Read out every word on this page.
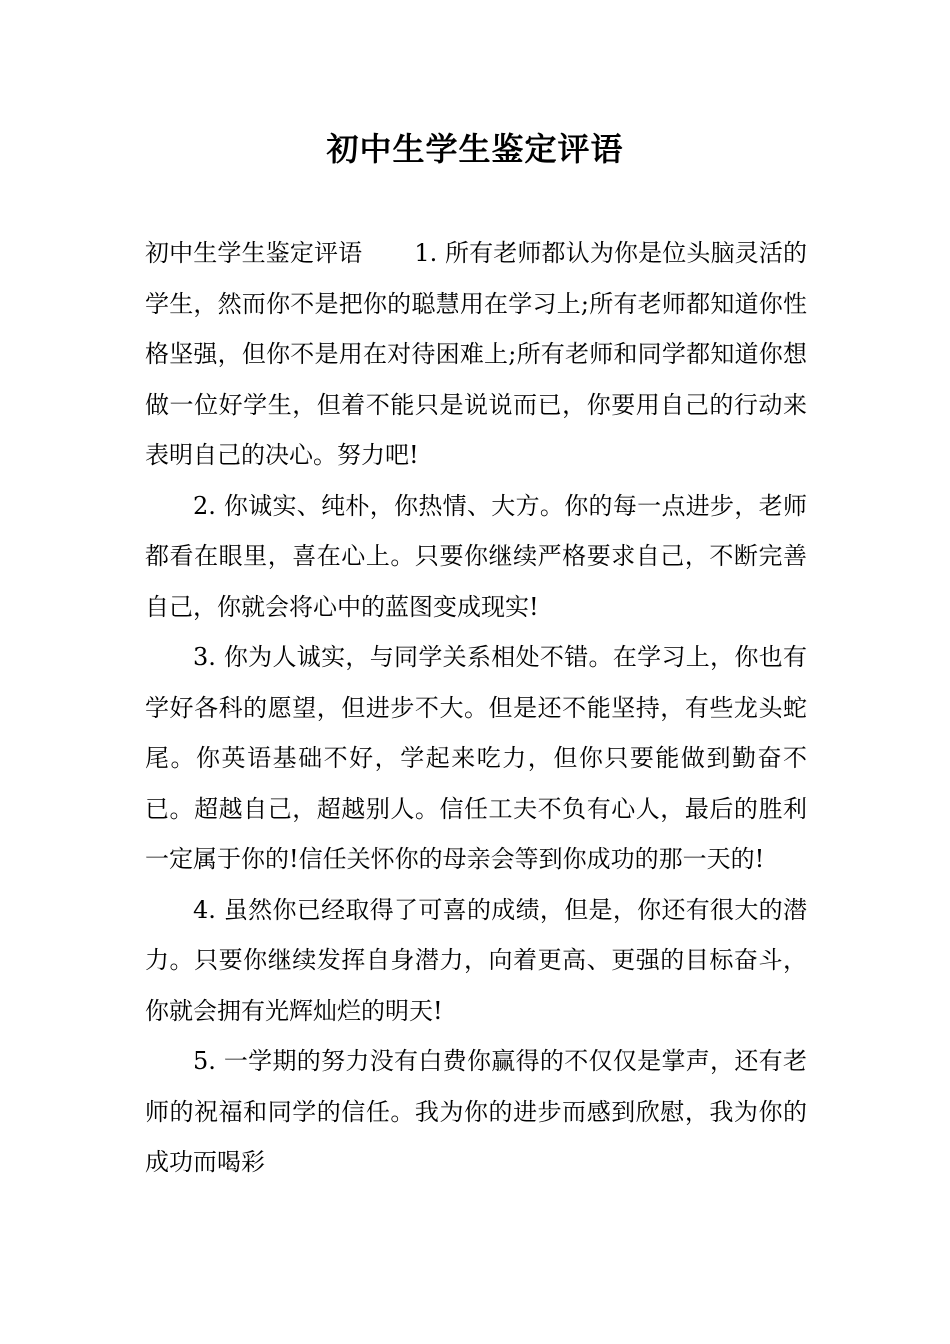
初中生学生鉴定评语

初中生学生鉴定评语 1. 所有老师都认为你是位头脑灵活的学生，然而你不是把你的聪慧用在学习上;所有老师都知道你性格坚强，但你不是用在对待困难上;所有老师和同学都知道你想做一位好学生，但着不能只是说说而已，你要用自己的行动来表明自己的决心。努力吧!

2. 你诚实、纯朴，你热情、大方。你的每一点进步，老师都看在眼里，喜在心上。只要你继续严格要求自己，不断完善自己，你就会将心中的蓝图变成现实!

3. 你为人诚实，与同学关系相处不错。在学习上，你也有学好各科的愿望，但进步不大。但是还不能坚持，有些龙头蛇尾。你英语基础不好，学起来吃力，但你只要能做到勤奋不已。超越自己，超越别人。信任工夫不负有心人，最后的胜利一定属于你的!信任关怀你的母亲会等到你成功的那一天的!

4. 虽然你已经取得了可喜的成绩，但是，你还有很大的潜力。只要你继续发挥自身潜力，向着更高、更强的目标奋斗，你就会拥有光辉灿烂的明天!

5. 一学期的努力没有白费你赢得的不仅仅是掌声，还有老师的祝福和同学的信任。我为你的进步而感到欣慰，我为你的成功而喝彩
